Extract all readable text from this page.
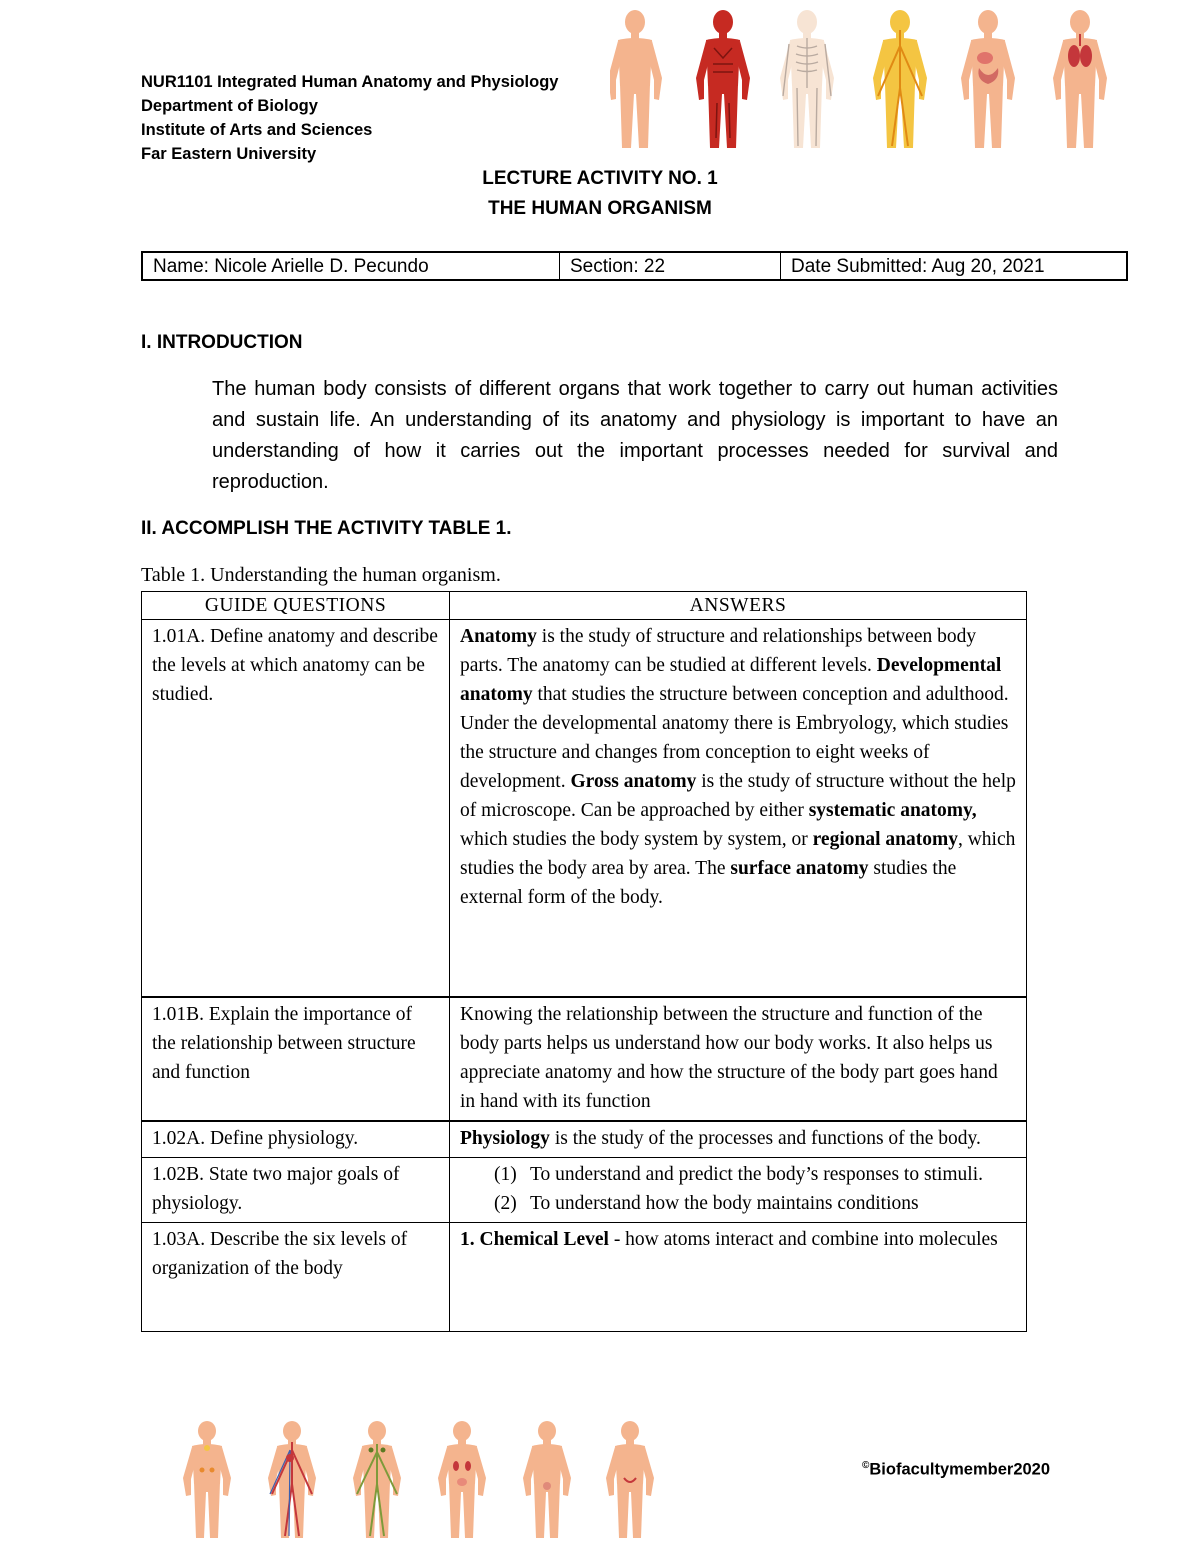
NUR1101 Integrated Human Anatomy and Physiology
Department of Biology
Institute of Arts and Sciences
Far Eastern University
LECTURE ACTIVITY NO. 1
THE HUMAN ORGANISM
Name: Nicole Arielle D. Pecundo	Section: 22	Date Submitted: Aug 20, 2021
I. INTRODUCTION
The human body consists of different organs that work together to carry out human activities and sustain life. An understanding of its anatomy and physiology is important to have an understanding of how it carries out the important processes needed for survival and reproduction.
II. ACCOMPLISH THE ACTIVITY TABLE 1.
Table 1. Understanding the human organism.
GUIDE QUESTIONS	ANSWERS
1.01A. Define anatomy and describe the levels at which anatomy can be studied.	Anatomy is the study of structure and relationships between body parts. The anatomy can be studied at different levels. Developmental anatomy that studies the structure between conception and adulthood. Under the developmental anatomy there is Embryology, which studies the structure and changes from conception to eight weeks of development. Gross anatomy is the study of structure without the help of microscope. Can be approached by either systematic anatomy, which studies the body system by system, or regional anatomy, which studies the body area by area. The surface anatomy studies the external form of the body.
1.01B. Explain the importance of the relationship between structure and function	Knowing the relationship between the structure and function of the body parts helps us understand how our body works. It also helps us appreciate anatomy and how the structure of the body part goes hand in hand with its function
1.02A. Define physiology.	Physiology is the study of the processes and functions of the body.
1.02B. State two major goals of physiology.	(1) To understand and predict the body’s responses to stimuli.
(2) To understand how the body maintains conditions

1.03A. Describe the six levels of organization of the body	1. Chemical Level - how atoms interact and combine into molecules
©Biofacultymember2020
